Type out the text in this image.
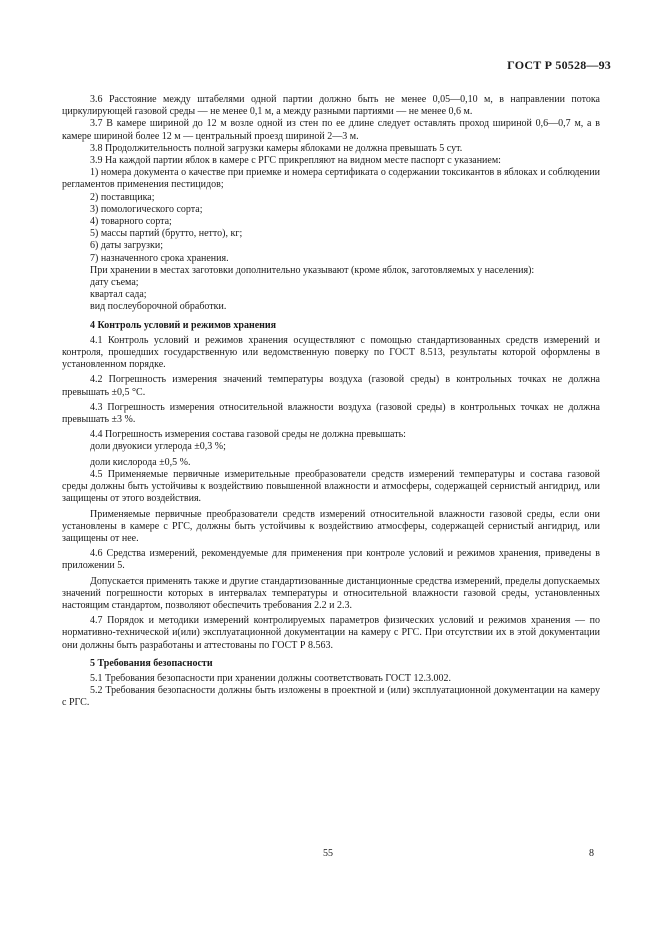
ГОСТ Р 50528—93

3.6 Расстояние между штабелями одной партии должно быть не менее 0,05—0,10 м, в направлении потока циркулирующей газовой среды — не менее 0,1 м, а между разными партиями — не менее 0,6 м.

3.7 В камере шириной до 12 м возле одной из стен по ее длине следует оставлять проход шириной 0,6—0,7 м, а в камере шириной более 12 м — центральный проезд шириной 2—3 м.

3.8 Продолжительность полной загрузки камеры яблоками не должна превышать 5 сут.

3.9 На каждой партии яблок в камере с РГС прикрепляют на видном месте паспорт с указанием:

1) номера документа о качестве при приемке и номера сертификата о содержании токсикантов в яблоках и соблюдении регламентов применения пестицидов;

2) поставщика;

3) помологического сорта;

4) товарного сорта;

5) массы партий (брутто, нетто), кг;

6) даты загрузки;

7) назначенного срока хранения.

При хранении в местах заготовки дополнительно указывают (кроме яблок, заготовляемых у населения):

дату съема;

квартал сада;

вид послеуборочной обработки.

4 Контроль условий и режимов хранения

4.1 Контроль условий и режимов хранения осуществляют с помощью стандартизованных средств измерений и контроля, прошедших государственную или ведомственную поверку по ГОСТ 8.513, результаты которой оформлены в установленном порядке.

4.2 Погрешность измерения значений температуры воздуха (газовой среды) в контрольных точках не должна превышать ±0,5 °С.

4.3 Погрешность измерения относительной влажности воздуха (газовой среды) в контрольных точках не должна превышать ±3 %.

4.4 Погрешность измерения состава газовой среды не должна превышать:

доли двуокиси углерода ±0,3 %;

доли кислорода ±0,5 %.

4.5 Применяемые первичные измерительные преобразователи средств измерений температуры и состава газовой среды должны быть устойчивы к воздействию повышенной влажности и атмосферы, содержащей сернистый ангидрид, или защищены от этого воздействия.

Применяемые первичные преобразователи средств измерений относительной влажности газовой среды, если они установлены в камере с РГС, должны быть устойчивы к воздействию атмосферы, содержащей сернистый ангидрид, или защищены от нее.

4.6 Средства измерений, рекомендуемые для применения при контроле условий и режимов хранения, приведены в приложении 5.

Допускается применять также и другие стандартизованные дистанционные средства измерений, пределы допускаемых значений погрешности которых в интервалах температуры и относительной влажности газовой среды, установленных настоящим стандартом, позволяют обеспечить требования 2.2 и 2.3.

4.7 Порядок и методики измерений контролируемых параметров физических условий и режимов хранения — по нормативно-технической и(или) эксплуатационной документации на камеру с РГС. При отсутствии их в этой документации они должны быть разработаны и аттестованы по ГОСТ Р 8.563.

5 Требования безопасности

5.1 Требования безопасности при хранении должны соответствовать ГОСТ 12.3.002.

5.2 Требования безопасности должны быть изложены в проектной и (или) эксплуатационной документации на камеру с РГС.

55	8
